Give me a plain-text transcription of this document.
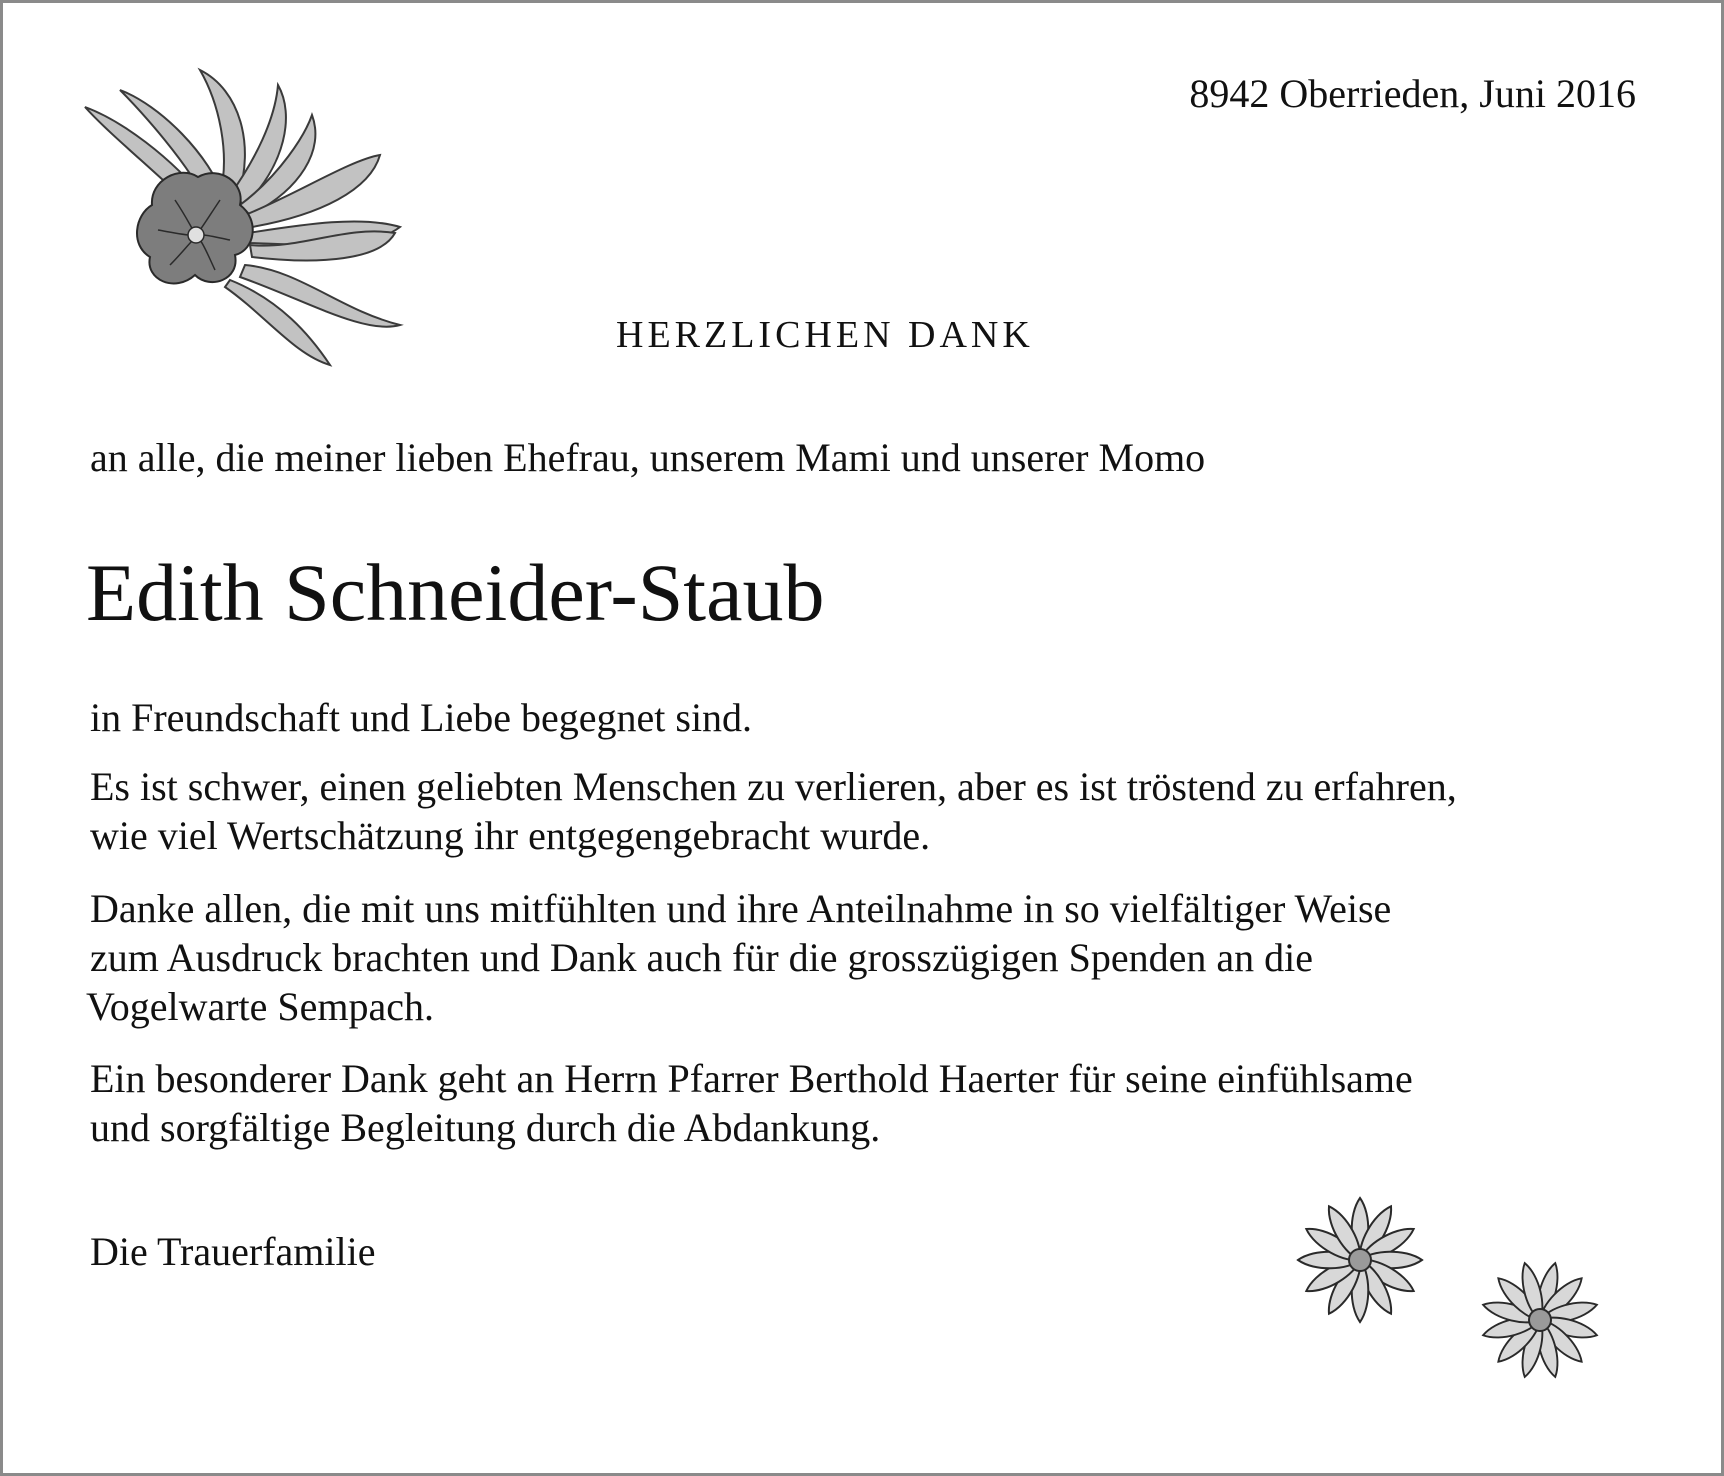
8942 Oberrieden, Juni 2016
HERZLICHEN DANK
an alle, die meiner lieben Ehefrau, unserem Mami und unserer Momo
Edith Schneider-Staub
in Freundschaft und Liebe begegnet sind.
Es ist schwer, einen geliebten Menschen zu verlieren, aber es ist tröstend zu erfahren,
wie viel Wertschätzung ihr entgegengebracht wurde.
Danke allen, die mit uns mitfühlten und ihre Anteilnahme in so vielfältiger Weise
zum Ausdruck brachten und Dank auch für die grosszügigen Spenden an die
Vogelwarte Sempach.
Ein besonderer Dank geht an Herrn Pfarrer Berthold Haerter für seine einfühlsame
und sorgfältige Begleitung durch die Abdankung.
Die Trauerfamilie
